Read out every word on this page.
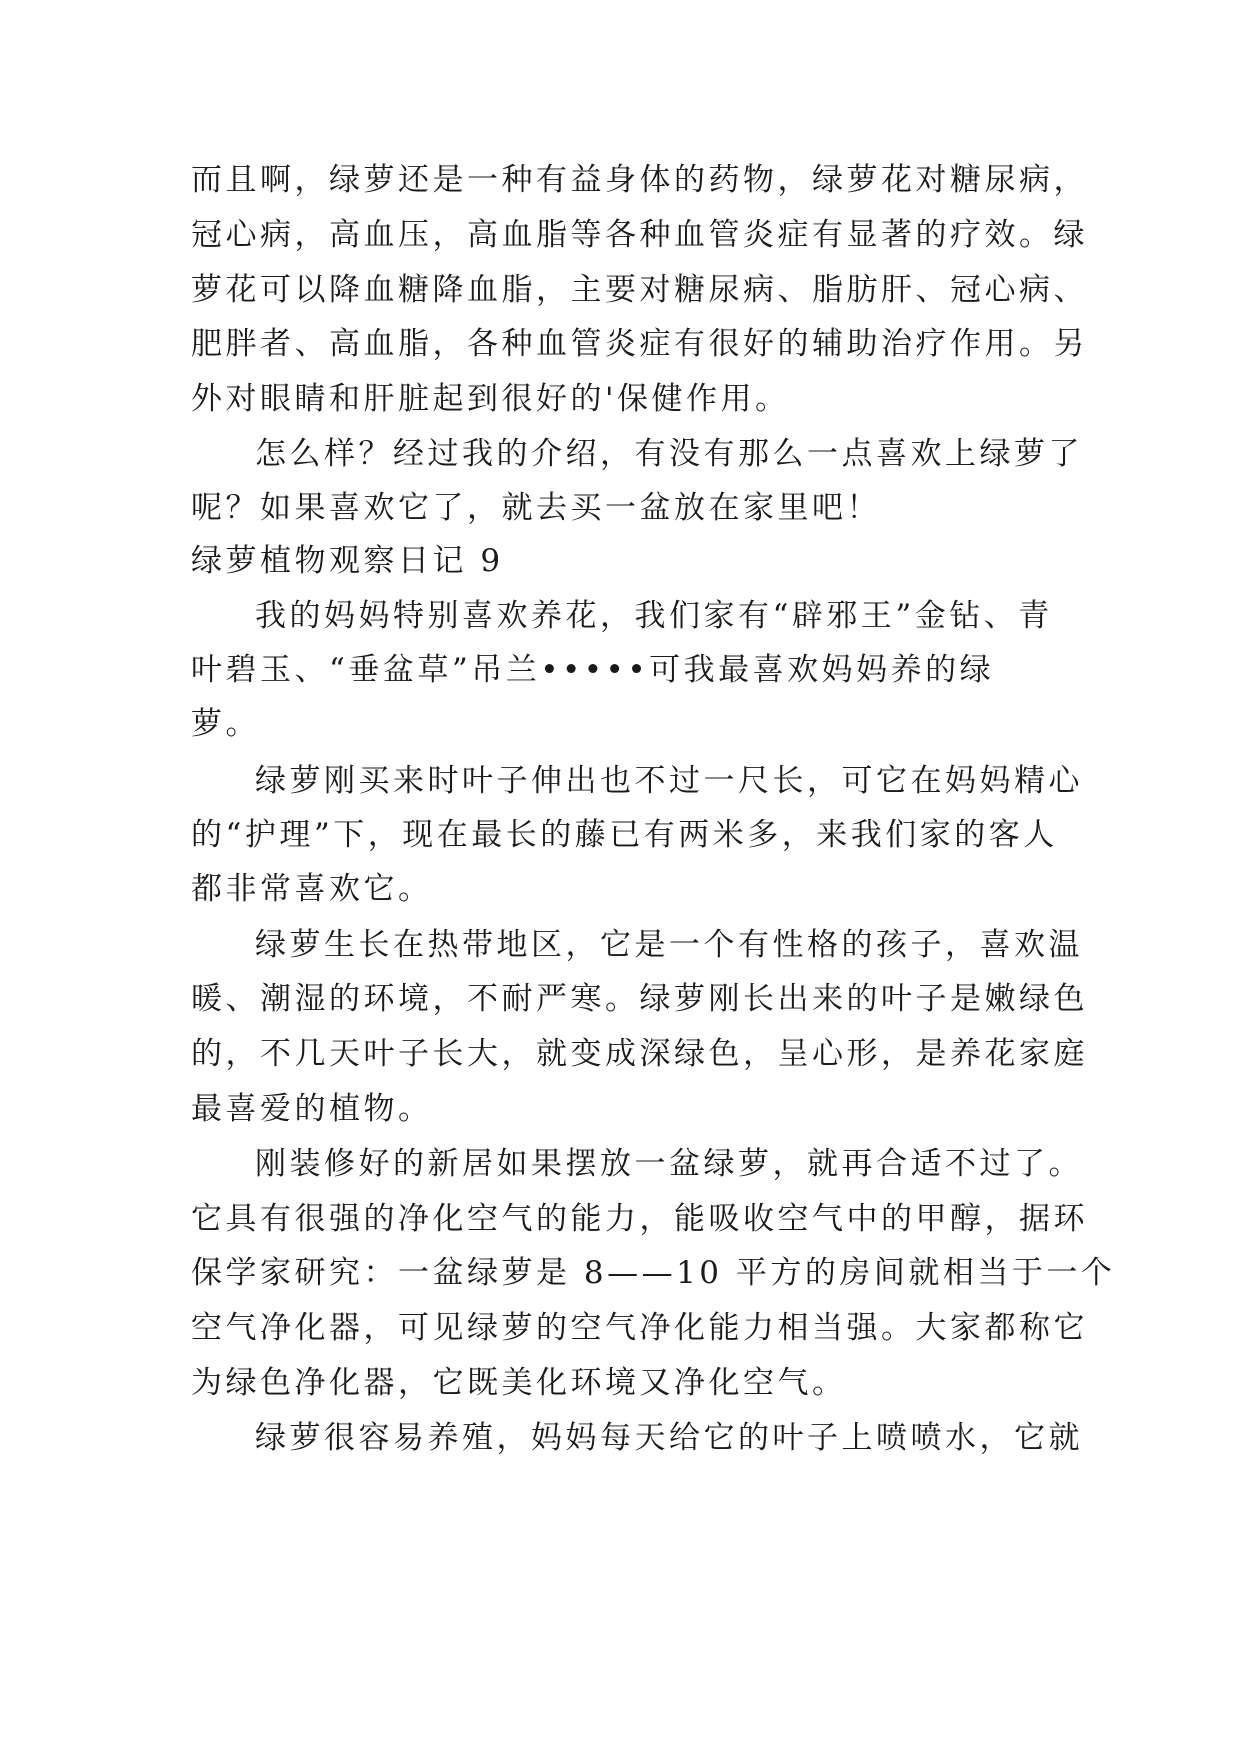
而且啊，绿萝还是一种有益身体的药物，绿萝花对糖尿病，
冠心病，高血压，高血脂等各种血管炎症有显著的疗效。绿
萝花可以降血糖降血脂，主要对糖尿病、脂肪肝、冠心病、
肥胖者、高血脂，各种血管炎症有很好的辅助治疗作用。另
外对眼睛和肝脏起到很好的'保健作用。
怎么样？经过我的介绍，有没有那么一点喜欢上绿萝了
呢？如果喜欢它了，就去买一盆放在家里吧！
绿萝植物观察日记 9
我的妈妈特别喜欢养花，我们家有“辟邪王”金钻、青
叶碧玉、“垂盆草”吊兰•••••可我最喜欢妈妈养的绿
萝。
绿萝刚买来时叶子伸出也不过一尺长，可它在妈妈精心
的“护理”下，现在最长的藤已有两米多，来我们家的客人
都非常喜欢它。
绿萝生长在热带地区，它是一个有性格的孩子，喜欢温
暖、潮湿的环境，不耐严寒。绿萝刚长出来的叶子是嫩绿色
的，不几天叶子长大，就变成深绿色，呈心形，是养花家庭
最喜爱的植物。
刚装修好的新居如果摆放一盆绿萝，就再合适不过了。
它具有很强的净化空气的能力，能吸收空气中的甲醇，据环
保学家研究：一盆绿萝是 8——10 平方的房间就相当于一个
空气净化器，可见绿萝的空气净化能力相当强。大家都称它
为绿色净化器，它既美化环境又净化空气。
绿萝很容易养殖，妈妈每天给它的叶子上喷喷水，它就
